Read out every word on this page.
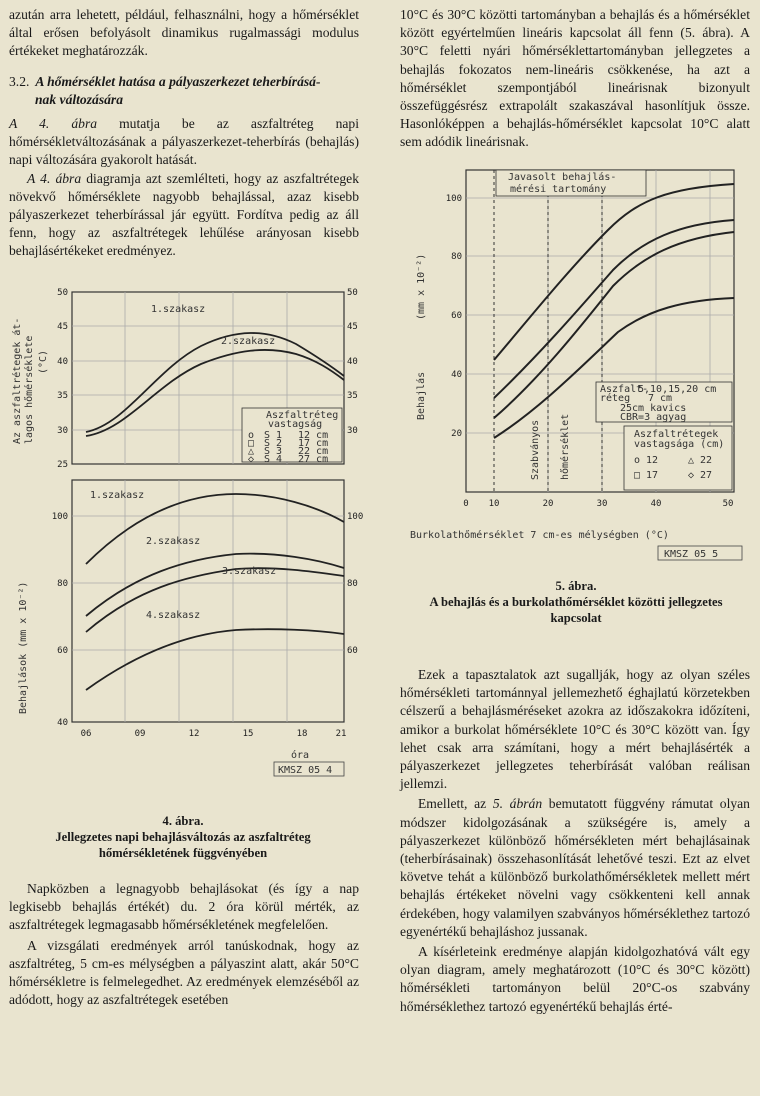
azután arra lehetett, például, felhasználni, hogy a hőmérséklet által erősen befolyásolt dinamikus rugalmassági modulus értékeket meghatározzák.

3.2. A hőmérséklet hatása a pályaszerkezet teherbírásá-
nak változására

A 4. ábra mutatja be az aszfaltréteg napi hőmérsékletváltozásának a pályaszerkezet-teherbírás (behajlás) napi változására gyakorolt hatását.

A 4. ábra diagramja azt szemlélteti, hogy az aszfaltrétegek növekvő hőmérséklete nagyobb behajlással, azaz kisebb pályaszerkezet teherbírással jár együtt. Fordítva pedig az áll fenn, hogy az aszfaltrétegek lehűlése arányosan kisebb behajlásértékeket eredményez.

50
45
40
35
30
25
50
45
40
35
30
100
80
60
40
100
80
60
06	09	12	15	18	21
óra
KMSZ 05 4
Az aszfaltrétegek át- lagos hőmérséklete (°C)
Behajlások (mm x 10⁻²)
1.szakasz
2.szakasz
Aszfaltréteg
vastagság
o S 1 12 cm
□ S 2 17 cm
△ S 3 22 cm
◇ S 4 27 cm
1.szakasz
2.szakasz
3.szakasz
4.szakasz
4. ábra.
Jellegzetes napi behajlásváltozás az aszfaltréteg
hőmérsékletének függvényében

Napközben a legnagyobb behajlásokat (és így a nap legkisebb behajlás értékét) du. 2 óra körül mérték, az aszfaltrétegek legmagasabb hőmérsékletének megfelelően.

A vizsgálati eredmények arról tanúskodnak, hogy az aszfaltréteg, 5 cm-es mélységben a pályaszint alatt, akár 50°C hőmérsékletre is felmelegedhet. Az eredmények elemzéséből az adódott, hogy az aszfaltrétegek esetében

10°C és 30°C közötti tartományban a behajlás és a hőmérséklet között egyértelműen lineáris kapcsolat áll fenn (5. ábra). A 30°C feletti nyári hőmérséklettartományban jellegzetes a behajlás fokozatos nem-lineáris csökkenése, ha azt a hőmérséklet szempontjából lineárisnak bizonyult összefüggésrész extrapolált szakaszával hasonlítjuk össze. Hasonlóképpen a behajlás-hőmérséklet kapcsolat 10°C alatt sem adódik lineárisnak.

Javasolt behajlás-
mérési tartomány
100
80
60
40
20
0 10	20	30	40	50
Burkolathőmérséklet 7 cm-es mélységben (°C)
KMSZ 05 5
Behajlás
(mm x 10⁻²)
Szabványos hőmérséklet
Aszfalt-
réteg
5,10,15,20 cm
7 cm
25cm kavics
CBR=3 agyag
Aszfaltrétegek
vastagsága (cm)
o 12	△ 22
□ 17	◇ 27
5. ábra.
A behajlás és a burkolathőmérséklet közötti jellegzetes
kapcsolat

Ezek a tapasztalatok azt sugallják, hogy az olyan széles hőmérsékleti tartománnyal jellemezhető éghajlatú körzetekben célszerű a behajlásméréseket azokra az időszakokra időzíteni, amikor a burkolat hőmérséklete 10°C és 30°C között van. Így lehet csak arra számítani, hogy a mért behajlásérték a pályaszerkezet jellegzetes teherbírását valóban reálisan jellemzi.

Emellett, az 5. ábrán bemutatott függvény rámutat olyan módszer kidolgozásának a szükségére is, amely a pályaszerkezet különböző hőmérsékleten mért behajlásainak (teherbírásainak) összehasonlítását lehetővé teszi. Ezt az elvet követve tehát a különböző burkolathőmérsékletek mellett mért behajlás értékeket növelni vagy csökkenteni kell annak érdekében, hogy valamilyen szabványos hőmérséklethez tartozó egyenértékű behajláshoz jussanak.

A kísérleteink eredménye alapján kidolgozhatóvá vált egy olyan diagram, amely meghatározott (10°C és 30°C között) hőmérsékleti tartományon belül 20°C-os szabvány hőmérséklethez tartozó egyenértékű behajlás érté-
